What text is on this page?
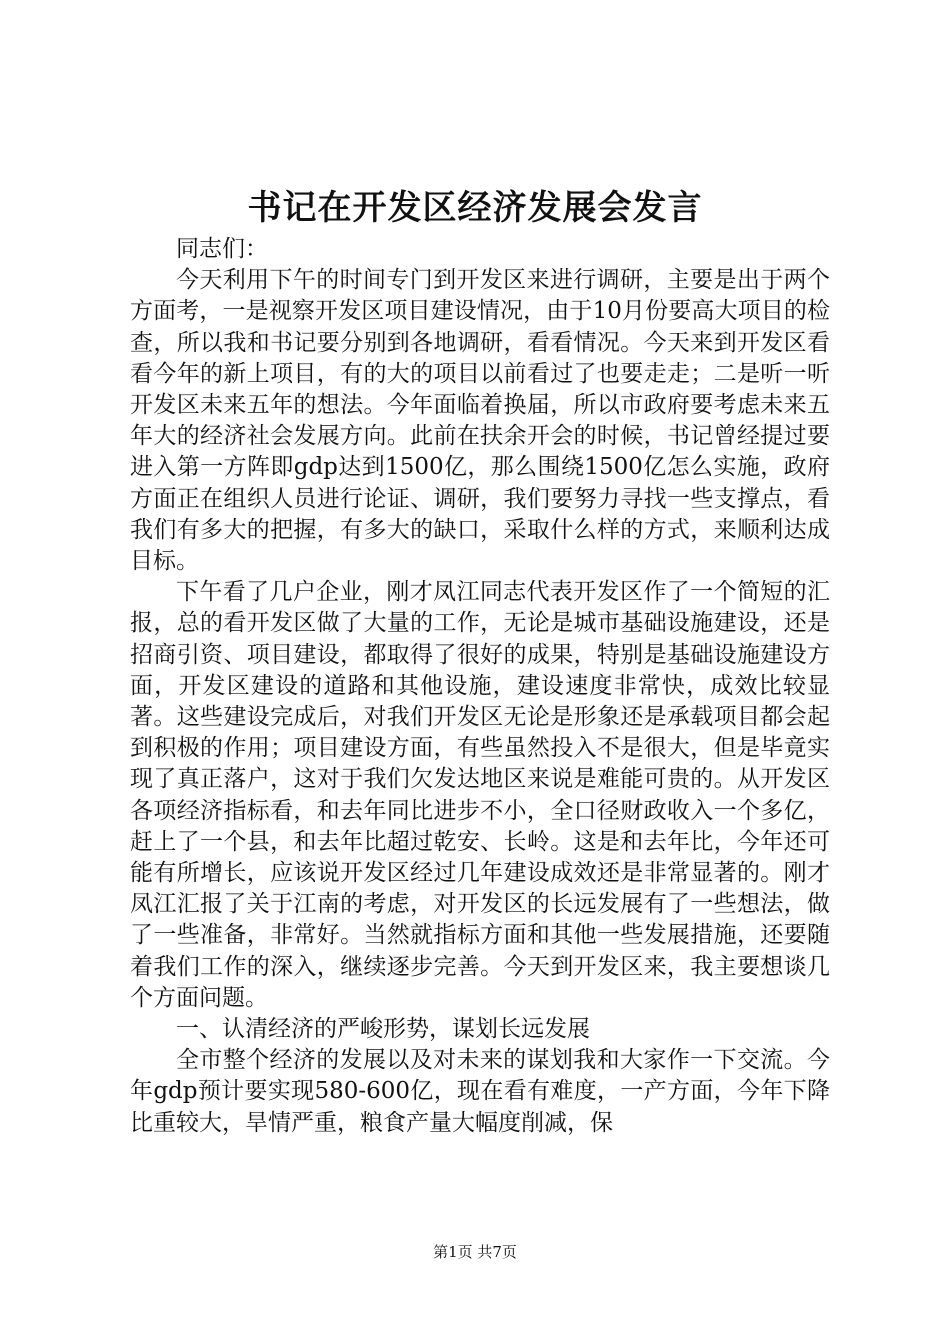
书记在开发区经济发展会发言

同志们：

今天利用下午的时间专门到开发区来进行调研，主要是出于两个方面考，一是视察开发区项目建设情况，由于10月份要高大项目的检查，所以我和书记要分别到各地调研，看看情况。今天来到开发区看看今年的新上项目，有的大的项目以前看过了也要走走；二是听一听开发区未来五年的想法。今年面临着换届，所以市政府要考虑未来五年大的经济社会发展方向。此前在扶余开会的时候，书记曾经提过要进入第一方阵即gdp达到1500亿，那么围绕1500亿怎么实施，政府方面正在组织人员进行论证、调研，我们要努力寻找一些支撑点，看我们有多大的把握，有多大的缺口，采取什么样的方式，来顺利达成目标。

下午看了几户企业，刚才凤江同志代表开发区作了一个简短的汇报，总的看开发区做了大量的工作，无论是城市基础设施建设，还是招商引资、项目建设，都取得了很好的成果，特别是基础设施建设方面，开发区建设的道路和其他设施，建设速度非常快，成效比较显著。这些建设完成后，对我们开发区无论是形象还是承载项目都会起到积极的作用；项目建设方面，有些虽然投入不是很大，但是毕竟实现了真正落户，这对于我们欠发达地区来说是难能可贵的。从开发区各项经济指标看，和去年同比进步不小，全口径财政收入一个多亿，赶上了一个县，和去年比超过乾安、长岭。这是和去年比，今年还可能有所增长，应该说开发区经过几年建设成效还是非常显著的。刚才凤江汇报了关于江南的考虑，对开发区的长远发展有了一些想法，做了一些准备，非常好。当然就指标方面和其他一些发展措施，还要随着我们工作的深入，继续逐步完善。今天到开发区来，我主要想谈几个方面问题。

一、认清经济的严峻形势，谋划长远发展

全市整个经济的发展以及对未来的谋划我和大家作一下交流。今年gdp预计要实现580-600亿，现在看有难度，一产方面，今年下降比重较大，旱情严重，粮食产量大幅度削减，保

第1页 共7页
